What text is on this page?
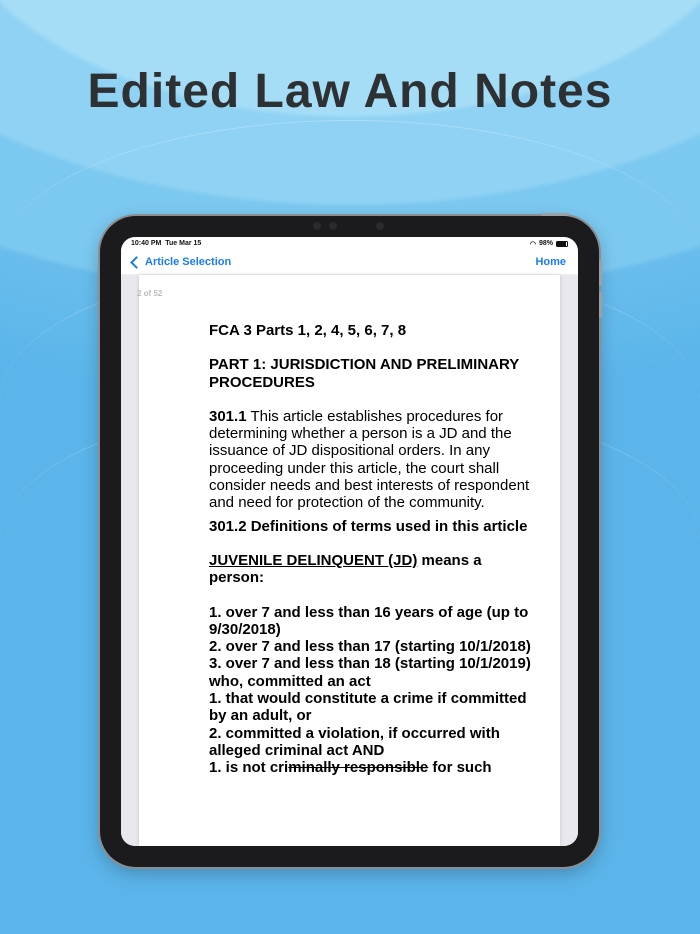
Edited Law And Notes
10:40 PM Tue Mar 15	◠ 98%
Article Selection	Home

FCA 3 Parts 1, 2, 4, 5, 6, 7, 8

PART 1: JURISDICTION AND PRELIMINARY PROCEDURES

301.1 This article establishes procedures for determining whether a person is a JD and the issuance of JD dispositional orders. In any proceeding under this article, the court shall consider needs and best interests of respondent and need for protection of the community.

301.2 Definitions of terms used in this article

JUVENILE DELINQUENT (JD) means a person:

1. over 7 and less than 16 years of age (up to 9/30/2018)
2. over 7 and less than 17 (starting 10/1/2018)
3. over 7 and less than 18 (starting 10/1/2019)
who, committed an act
1. that would constitute a crime if committed by an adult, or
2. committed a violation, if occurred with alleged criminal act AND
1. is not criminally responsible for such
2 of 52
